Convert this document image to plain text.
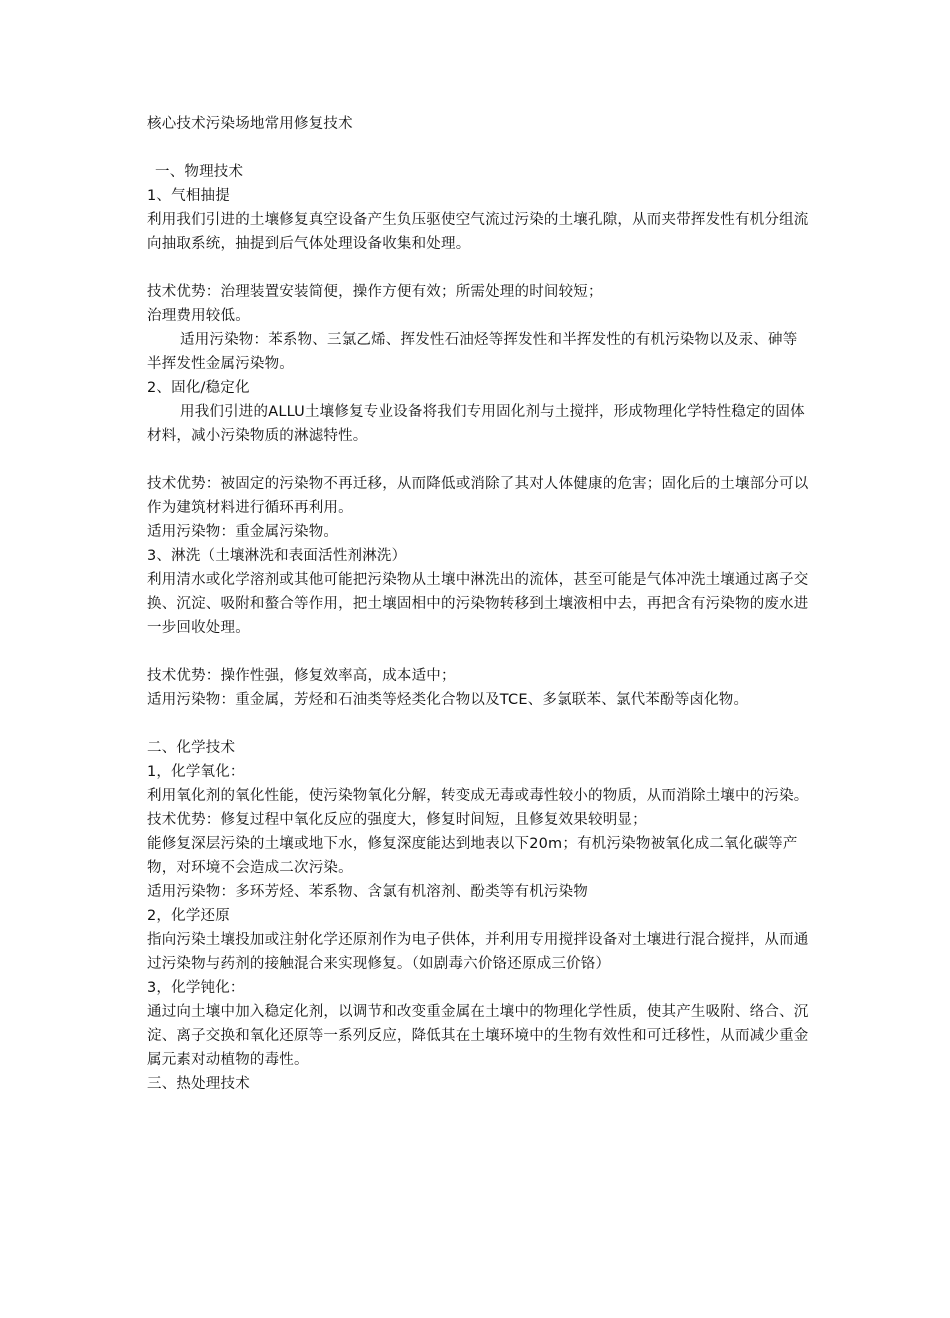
核心技术污染场地常用修复技术

一、物理技术

1、气相抽提

利用我们引进的土壤修复真空设备产生负压驱使空气流过污染的土壤孔隙，从而夹带挥发性有机分组流向抽取系统，抽提到后气体处理设备收集和处理。

技术优势：治理装置安装简便，操作方便有效；所需处理的时间较短；

治理费用较低。

适用污染物：苯系物、三氯乙烯、挥发性石油烃等挥发性和半挥发性的有机污染物以及汞、砷等半挥发性金属污染物。

2、固化/稳定化

用我们引进的ALLU土壤修复专业设备将我们专用固化剂与土搅拌，形成物理化学特性稳定的固体材料，减小污染物质的淋滤特性。

技术优势：被固定的污染物不再迁移，从而降低或消除了其对人体健康的危害；固化后的土壤部分可以作为建筑材料进行循环再利用。

适用污染物：重金属污染物。

3、淋洗（土壤淋洗和表面活性剂淋洗）

利用清水或化学溶剂或其他可能把污染物从土壤中淋洗出的流体，甚至可能是气体冲洗土壤通过离子交换、沉淀、吸附和螯合等作用，把土壤固相中的污染物转移到土壤液相中去，再把含有污染物的废水进一步回收处理。

技术优势：操作性强，修复效率高，成本适中；

适用污染物：重金属，芳烃和石油类等烃类化合物以及TCE、多氯联苯、氯代苯酚等卤化物。

二、化学技术

1，化学氧化：

利用氧化剂的氧化性能，使污染物氧化分解，转变成无毒或毒性较小的物质，从而消除土壤中的污染。

技术优势：修复过程中氧化反应的强度大，修复时间短，且修复效果较明显；

能修复深层污染的土壤或地下水，修复深度能达到地表以下20m；有机污染物被氧化成二氧化碳等产物，对环境不会造成二次污染。

适用污染物：多环芳烃、苯系物、含氯有机溶剂、酚类等有机污染物

2，化学还原

指向污染土壤投加或注射化学还原剂作为电子供体，并利用专用搅拌设备对土壤进行混合搅拌，从而通过污染物与药剂的接触混合来实现修复。（如剧毒六价铬还原成三价铬）

3，化学钝化：

通过向土壤中加入稳定化剂，以调节和改变重金属在土壤中的物理化学性质，使其产生吸附、络合、沉淀、离子交换和氧化还原等一系列反应，降低其在土壤环境中的生物有效性和可迁移性，从而减少重金属元素对动植物的毒性。

三、热处理技术
